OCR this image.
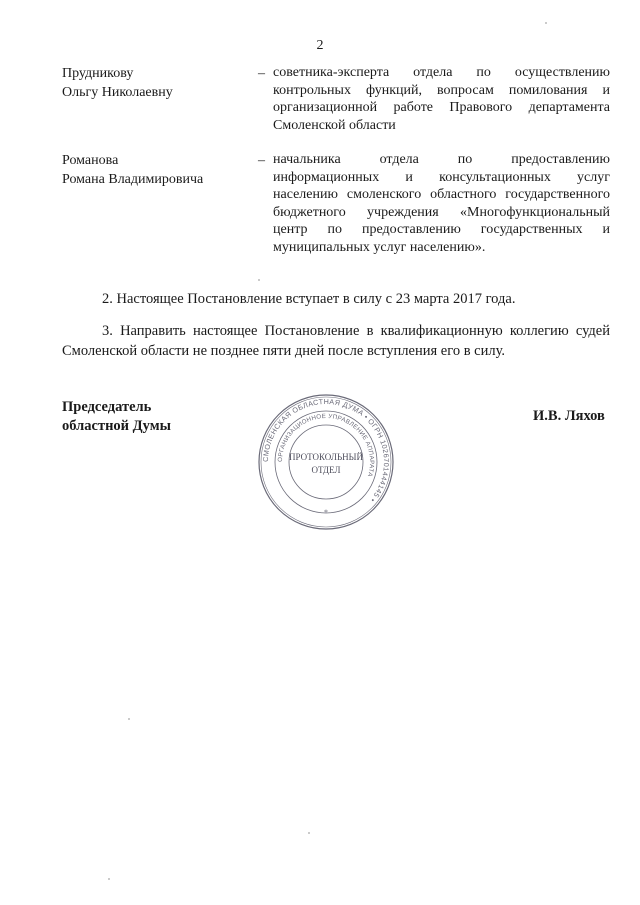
2
Прудникову
Ольгу Николаевну
– советника-эксперта отдела по осуществлению контрольных функций, вопросам помилования и организационной работе Правового департамента Смоленской области
Романова
Романа Владимировича
– начальника отдела по предоставлению информационных и консультационных услуг населению смоленского областного государственного бюджетного учреждения «Многофункциональный центр по предоставлению государственных и муниципальных услуг населению».
2. Настоящее Постановление вступает в силу с 23 марта 2017 года.
3. Направить настоящее Постановление в квалификационную коллегию судей Смоленской области не позднее пяти дней после вступления его в силу.
Председатель
областной Думы
СМОЛЕНСКАЯ ОБЛАСТНАЯ ДУМА • ОГРН 1026701444145 •
ОРГАНИЗАЦИОННОЕ УПРАВЛЕНИЕ АППАРАТА
ПРОТОКОЛЬНЫЙ
ОТДЕЛ
*
И.В. Ляхов
